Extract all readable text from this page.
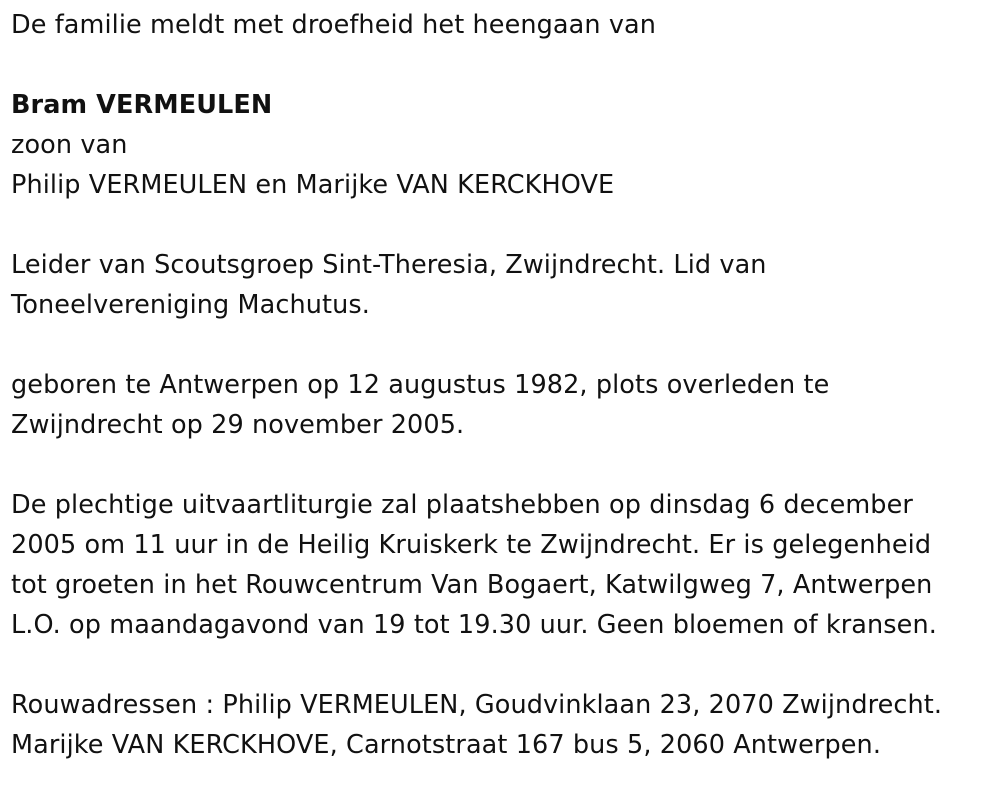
De familie meldt met droefheid het heengaan van
Bram VERMEULEN
zoon van
Philip VERMEULEN en Marijke VAN KERCKHOVE
Leider van Scoutsgroep Sint-Theresia, Zwijndrecht. Lid van
Toneelvereniging Machutus.
geboren te Antwerpen op 12 augustus 1982, plots overleden te
Zwijndrecht op 29 november 2005.
De plechtige uitvaartliturgie zal plaatshebben op dinsdag 6 december
2005 om 11 uur in de Heilig Kruiskerk te Zwijndrecht. Er is gelegenheid
tot groeten in het Rouwcentrum Van Bogaert, Katwilgweg 7, Antwerpen
L.O. op maandagavond van 19 tot 19.30 uur. Geen bloemen of kransen.
Rouwadressen : Philip VERMEULEN, Goudvinklaan 23, 2070 Zwijndrecht.
Marijke VAN KERCKHOVE, Carnotstraat 167 bus 5, 2060 Antwerpen.
